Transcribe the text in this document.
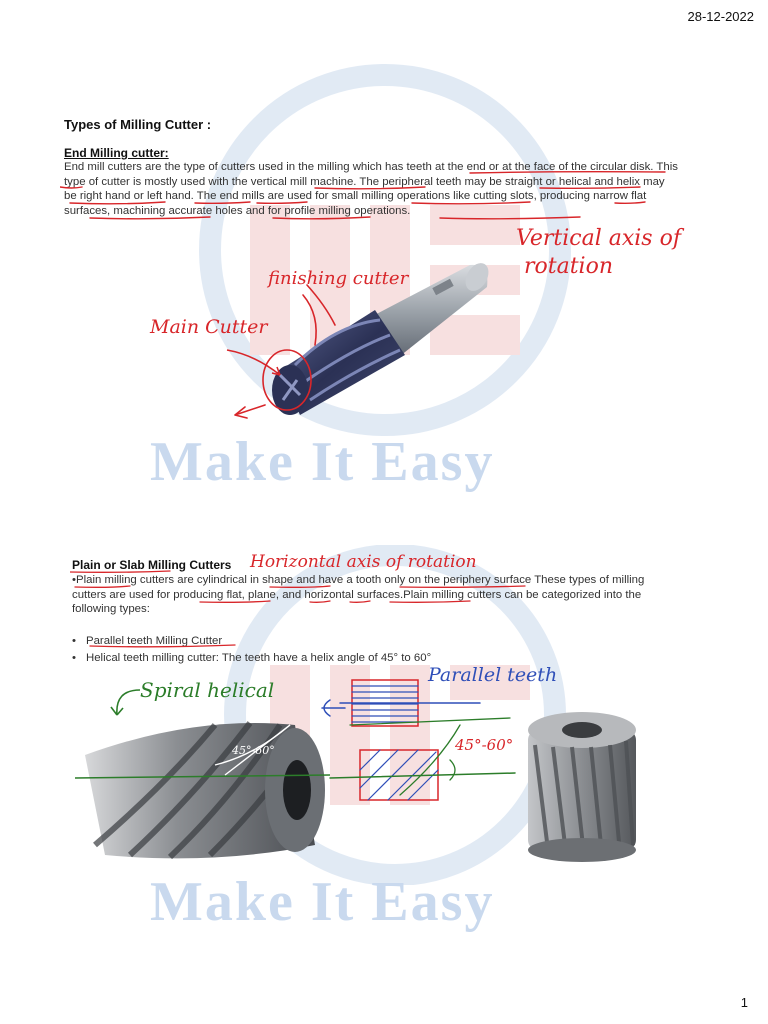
28-12-2022
1
Make It Easy
Make It Easy
Types of Milling Cutter :
End Milling cutter:
End mill cutters are the type of cutters used in the milling which has teeth at the end or at the face of the circular disk. This type of cutter is mostly used with the vertical mill machine. The peripheral teeth may be straight or helical and helix may be right hand or left hand. The end mills are used for small milling operations like cutting slots, producing narrow flat surfaces, machining accurate holes and for profile milling operations.
Vertical axis of
rotation
finishing cutter
Main Cutter
Plain or Slab Milling Cutters Horizontal axis of rotation
•Plain milling cutters are cylindrical in shape and have a tooth only on the periphery surface These types of milling cutters are used for producing flat, plane, and horizontal surfaces.Plain milling cutters can be categorized into the following types:
• Parallel teeth Milling Cutter
• Helical teeth milling cutter: The teeth have a helix angle of 45° to 60°
45°-60°
Spiral helical
Parallel teeth
45°-60°
